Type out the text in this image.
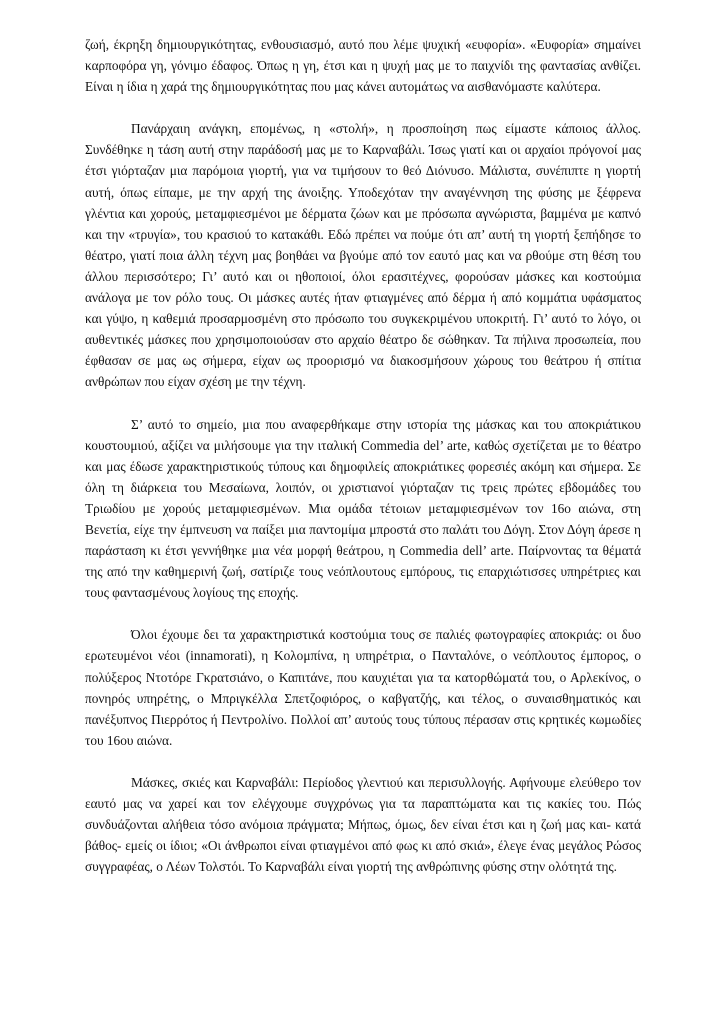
ζωή, έκρηξη δημιουργικότητας, ενθουσιασμό, αυτό που λέμε ψυχική «ευφορία». «Ευφορία» σημαίνει καρποφόρα γη, γόνιμο έδαφος. Όπως η γη, έτσι και η ψυχή μας με το παιχνίδι της φαντασίας ανθίζει. Είναι η ίδια η χαρά της δημιουργικότητας που μας κάνει αυτομάτως να αισθανόμαστε καλύτερα.

Πανάρχαιη ανάγκη, επομένως, η «στολή», η προσποίηση πως είμαστε κάποιος άλλος. Συνδέθηκε η τάση αυτή στην παράδοσή μας με το Καρναβάλι. Ίσως γιατί και οι αρχαίοι πρόγονοί μας έτσι γιόρταζαν μια παρόμοια γιορτή, για να τιμήσουν το θεό Διόνυσο. Μάλιστα, συνέπιπτε η γιορτή αυτή, όπως είπαμε, με την αρχή της άνοιξης. Υποδεχόταν την αναγέννηση της φύσης με ξέφρενα γλέντια και χορούς, μεταμφιεσμένοι με δέρματα ζώων και με πρόσωπα αγνώριστα, βαμμένα με καπνό και την «τρυγία», του κρασιού το κατακάθι. Εδώ πρέπει να πούμε ότι απ’ αυτή τη γιορτή ξεπήδησε το θέατρο, γιατί ποια άλλη τέχνη μας βοηθάει να βγούμε από τον εαυτό μας και να ρθούμε στη θέση του άλλου περισσότερο; Γι’ αυτό και οι ηθοποιοί, όλοι ερασιτέχνες, φορούσαν μάσκες και κοστούμια ανάλογα με τον ρόλο τους. Οι μάσκες αυτές ήταν φτιαγμένες από δέρμα ή από κομμάτια υφάσματος και γύψο, η καθεμιά προσαρμοσμένη στο πρόσωπο του συγκεκριμένου υποκριτή. Γι’ αυτό το λόγο, οι αυθεντικές μάσκες που χρησιμοποιούσαν στο αρχαίο θέατρο δε σώθηκαν. Τα πήλινα προσωπεία, που έφθασαν σε μας ως σήμερα, είχαν ως προορισμό να διακοσμήσουν χώρους του θεάτρου ή σπίτια ανθρώπων που είχαν σχέση με την τέχνη.

Σ’ αυτό το σημείο, μια που αναφερθήκαμε στην ιστορία της μάσκας και του αποκριάτικου κουστουμιού, αξίζει να μιλήσουμε για την ιταλική Commedia del’ arte, καθώς σχετίζεται με το θέατρο και μας έδωσε χαρακτηριστικούς τύπους και δημοφιλείς αποκριάτικες φορεσιές ακόμη και σήμερα. Σε όλη τη διάρκεια του Μεσαίωνα, λοιπόν, οι χριστιανοί γιόρταζαν τις τρεις πρώτες εβδομάδες του Τριωδίου με χορούς μεταμφιεσμένων. Μια ομάδα τέτοιων μεταμφιεσμένων τον 16ο αιώνα, στη Βενετία, είχε την έμπνευση να παίξει μια παντομίμα μπροστά στο παλάτι του Δόγη. Στον Δόγη άρεσε η παράσταση κι έτσι γεννήθηκε μια νέα μορφή θεάτρου, η Commedia dell’ arte. Παίρνοντας τα θέματά της από την καθημερινή ζωή, σατίριζε τους νεόπλουτους εμπόρους, τις επαρχιώτισσες υπηρέτριες και τους φαντασμένους λογίους της εποχής.

Όλοι έχουμε δει τα χαρακτηριστικά κοστούμια τους σε παλιές φωτογραφίες αποκριάς: οι δυο ερωτευμένοι νέοι (innamorati), η Κολομπίνα, η υπηρέτρια, ο Πανταλόνε, ο νεόπλουτος έμπορος, ο πολύξερος Ντοτόρε Γκρατσιάνο, ο Καπιτάνε, που καυχιέται για τα κατορθώματά του, ο Αρλεκίνος, ο πονηρός υπηρέτης, ο Μπριγκέλλα Σπετζοφιόρος, ο καβγατζής, και τέλος, ο συναισθηματικός και πανέξυπνος Πιερρότος ή Πεντρολίνο. Πολλοί απ’ αυτούς τους τύπους πέρασαν στις κρητικές κωμωδίες του 16ου αιώνα.

Μάσκες, σκιές και Καρναβάλι: Περίοδος γλεντιού και περισυλλογής. Αφήνουμε ελεύθερο τον εαυτό μας να χαρεί και τον ελέγχουμε συγχρόνως για τα παραπτώματα και τις κακίες του. Πώς συνδυάζονται αλήθεια τόσο ανόμοια πράγματα; Μήπως, όμως, δεν είναι έτσι και η ζωή μας και- κατά βάθος- εμείς οι ίδιοι; «Οι άνθρωποι είναι φτιαγμένοι από φως κι από σκιά», έλεγε ένας μεγάλος Ρώσος συγγραφέας, ο Λέων Τολστόι. Το Καρναβάλι είναι γιορτή της ανθρώπινης φύσης στην ολότητά της.
